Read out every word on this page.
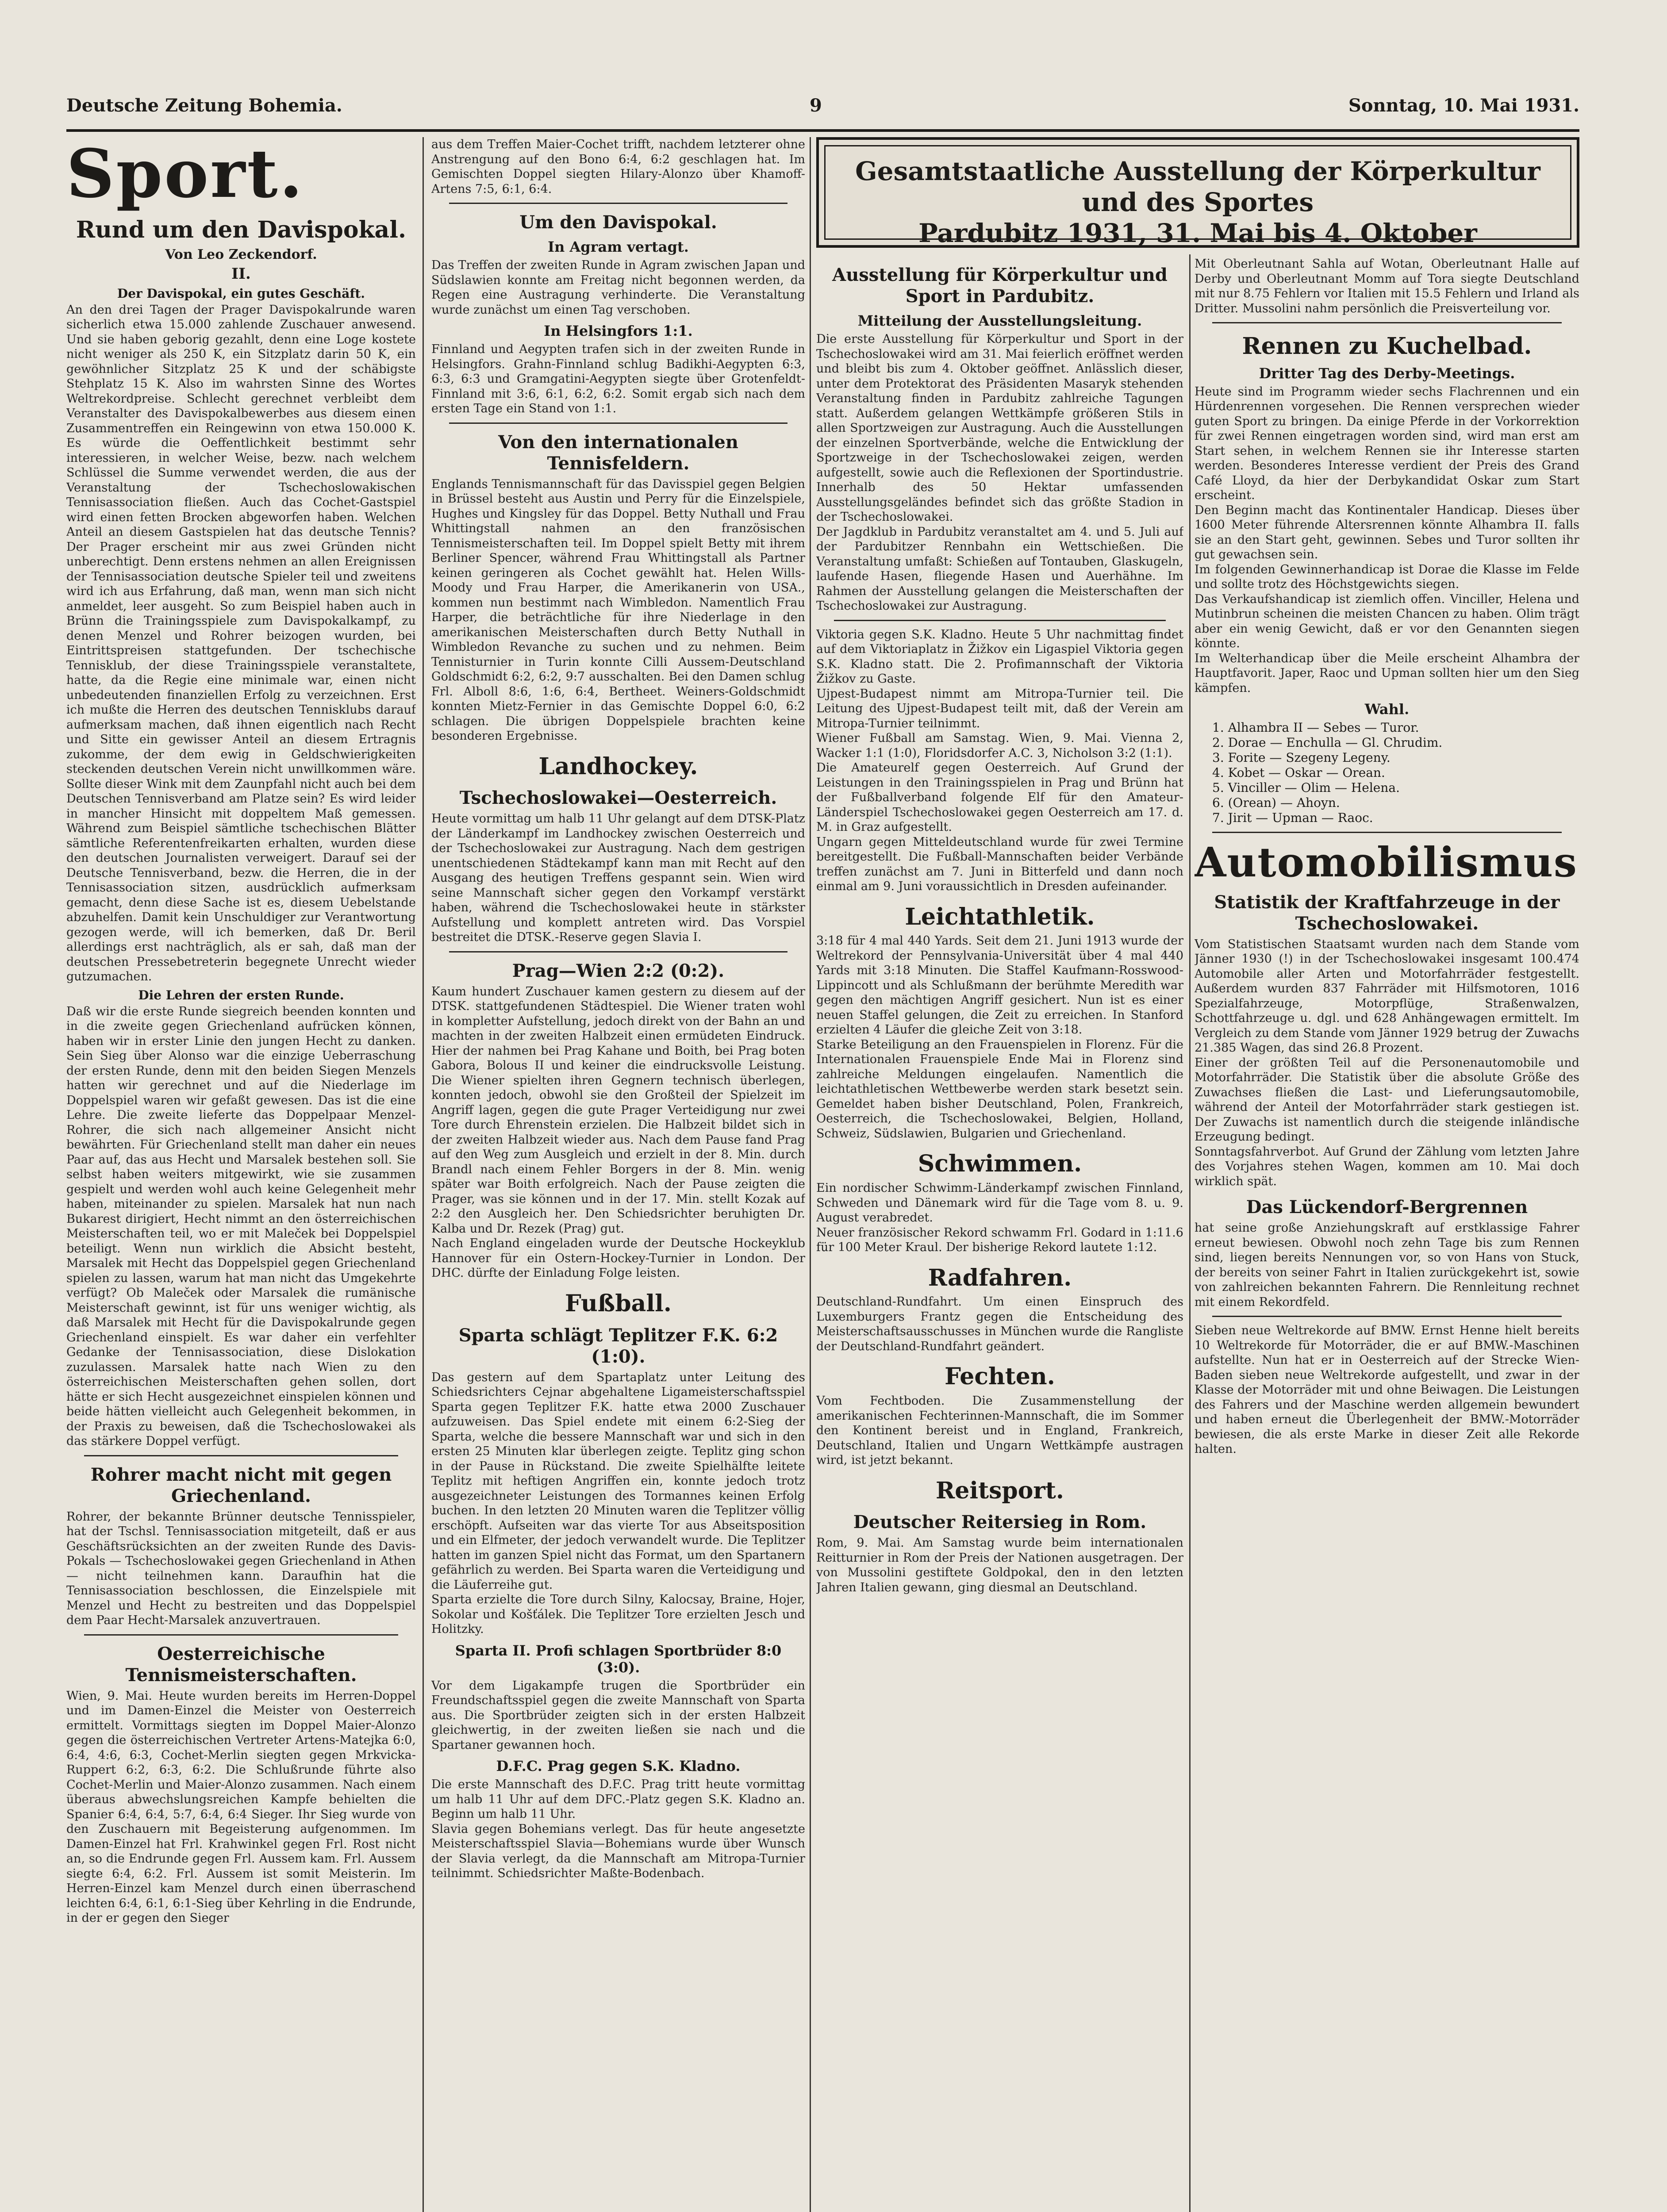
Deutsche Zeitung Bohemia.	9	Sonntag, 10. Mai 1931.
Sport.
Rund um den Davispokal.
Von Leo Zeckendorf.
II.
Der Davispokal, ein gutes Geschäft.

An den drei Tagen der Prager Davispokalrunde waren sicherlich etwa 15.000 zahlende Zuschauer anwesend. Und sie haben geborig gezahlt, denn eine Loge kostete nicht weniger als 250 K, ein Sitzplatz darin 50 K, ein gewöhnlicher Sitzplatz 25 K und der schäbigste Stehplatz 15 K. Also im wahrsten Sinne des Wortes Weltrekordpreise. Schlecht gerechnet verbleibt dem Veranstalter des Davispokalbewerbes aus diesem einen Zusammentreffen ein Reingewinn von etwa 150.000 K. Es würde die Oeffentlichkeit bestimmt sehr interessieren, in welcher Weise, bezw. nach welchem Schlüssel die Summe verwendet werden, die aus der Veranstaltung der Tschechoslowakischen Tennisassociation fließen. Auch das Cochet-Gastspiel wird einen fetten Brocken abgeworfen haben. Welchen Anteil an diesem Gastspielen hat das deutsche Tennis? Der Prager erscheint mir aus zwei Gründen nicht unberechtigt. Denn erstens nehmen an allen Ereignissen der Tennisassociation deutsche Spieler teil und zweitens wird ich aus Erfahrung, daß man, wenn man sich nicht anmeldet, leer ausgeht. So zum Beispiel haben auch in Brünn die Trainingsspiele zum Davispokalkampf, zu denen Menzel und Rohrer beizogen wurden, bei Eintrittspreisen stattgefunden. Der tschechische Tennisklub, der diese Trainingsspiele veranstaltete, hatte, da die Regie eine minimale war, einen nicht unbedeutenden finanziellen Erfolg zu verzeichnen. Erst ich mußte die Herren des deutschen Tennisklubs darauf aufmerksam machen, daß ihnen eigentlich nach Recht und Sitte ein gewisser Anteil an diesem Ertragnis zukomme, der dem ewig in Geldschwierigkeiten steckenden deutschen Verein nicht unwillkommen wäre. Sollte dieser Wink mit dem Zaunpfahl nicht auch bei dem Deutschen Tennisverband am Platze sein? Es wird leider in mancher Hinsicht mit doppeltem Maß gemessen. Während zum Beispiel sämtliche tschechischen Blätter sämtliche Referentenfreikarten erhalten, wurden diese den deutschen Journalisten verweigert. Darauf sei der Deutsche Tennisverband, bezw. die Herren, die in der Tennisassociation sitzen, ausdrücklich aufmerksam gemacht, denn diese Sache ist es, diesem Uebelstande abzuhelfen. Damit kein Unschuldiger zur Verantwortung gezogen werde, will ich bemerken, daß Dr. Beril allerdings erst nachträglich, als er sah, daß man der deutschen Pressebetreterin begegnete Unrecht wieder gutzumachen.

Die Lehren der ersten Runde.

Daß wir die erste Runde siegreich beenden konnten und in die zweite gegen Griechenland aufrücken können, haben wir in erster Linie den jungen Hecht zu danken. Sein Sieg über Alonso war die einzige Ueberraschung der ersten Runde, denn mit den beiden Siegen Menzels hatten wir gerechnet und auf die Niederlage im Doppelspiel waren wir gefaßt gewesen. Das ist die eine Lehre. Die zweite lieferte das Doppelpaar Menzel-Rohrer, die sich nach allgemeiner Ansicht nicht bewährten. Für Griechenland stellt man daher ein neues Paar auf, das aus Hecht und Marsalek bestehen soll. Sie selbst haben weiters mitgewirkt, wie sie zusammen gespielt und werden wohl auch keine Gelegenheit mehr haben, miteinander zu spielen. Marsalek hat nun nach Bukarest dirigiert, Hecht nimmt an den österreichischen Meisterschaften teil, wo er mit Maleček bei Doppelspiel beteiligt. Wenn nun wirklich die Absicht besteht, Marsalek mit Hecht das Doppelspiel gegen Griechenland spielen zu lassen, warum hat man nicht das Umgekehrte verfügt? Ob Maleček oder Marsalek die rumänische Meisterschaft gewinnt, ist für uns weniger wichtig, als daß Marsalek mit Hecht für die Davispokalrunde gegen Griechenland einspielt. Es war daher ein verfehlter Gedanke der Tennisassociation, diese Dislokation zuzulassen. Marsalek hatte nach Wien zu den österreichischen Meisterschaften gehen sollen, dort hätte er sich Hecht ausgezeichnet einspielen können und beide hätten vielleicht auch Gelegenheit bekommen, in der Praxis zu beweisen, daß die Tschechoslowakei als das stärkere Doppel verfügt.

Rohrer macht nicht mit gegen Griechenland.

Rohrer, der bekannte Brünner deutsche Tennisspieler, hat der Tschsl. Tennisassociation mitgeteilt, daß er aus Geschäftsrücksichten an der zweiten Runde des Davis-Pokals — Tschechoslowakei gegen Griechenland in Athen — nicht teilnehmen kann. Daraufhin hat die Tennisassociation beschlossen, die Einzelspiele mit Menzel und Hecht zu bestreiten und das Doppelspiel dem Paar Hecht-Marsalek anzuvertrauen.

Oesterreichische Tennismeisterschaften.

Wien, 9. Mai. Heute wurden bereits im Herren-Doppel und im Damen-Einzel die Meister von Oesterreich ermittelt. Vormittags siegten im Doppel Maier-Alonzo gegen die österreichischen Vertreter Artens-Matejka 6:0, 6:4, 4:6, 6:3, Cochet-Merlin siegten gegen Mrkvicka-Ruppert 6:2, 6:3, 6:2. Die Schlußrunde führte also Cochet-Merlin und Maier-Alonzo zusammen. Nach einem überaus abwechslungsreichen Kampfe behielten die Spanier 6:4, 6:4, 5:7, 6:4, 6:4 Sieger. Ihr Sieg wurde von den Zuschauern mit Begeisterung aufgenommen. Im Damen-Einzel hat Frl. Krahwinkel gegen Frl. Rost nicht an, so die Endrunde gegen Frl. Aussem kam. Frl. Aussem siegte 6:4, 6:2. Frl. Aussem ist somit Meisterin. Im Herren-Einzel kam Menzel durch einen überraschend leichten 6:4, 6:1, 6:1-Sieg über Kehrling in die Endrunde, in der er gegen den Sieger

aus dem Treffen Maier-Cochet trifft, nachdem letzterer ohne Anstrengung auf den Bono 6:4, 6:2 geschlagen hat. Im Gemischten Doppel siegten Hilary-Alonzo über Khamoff-Artens 7:5, 6:1, 6:4.

Um den Davispokal.
In Agram vertagt.

Das Treffen der zweiten Runde in Agram zwischen Japan und Südslawien konnte am Freitag nicht begonnen werden, da Regen eine Austragung verhinderte. Die Veranstaltung wurde zunächst um einen Tag verschoben.

In Helsingfors 1:1.

Finnland und Aegypten trafen sich in der zweiten Runde in Helsingfors. Grahn-Finnland schlug Badikhi-Aegypten 6:3, 6:3, 6:3 und Gramgatini-Aegypten siegte über Grotenfeldt-Finnland mit 3:6, 6:1, 6:2, 6:2. Somit ergab sich nach dem ersten Tage ein Stand von 1:1.

Von den internationalen Tennisfeldern.

Englands Tennismannschaft für das Davisspiel gegen Belgien in Brüssel besteht aus Austin und Perry für die Einzelspiele, Hughes und Kingsley für das Doppel. Betty Nuthall und Frau Whittingstall nahmen an den französischen Tennismeisterschaften teil. Im Doppel spielt Betty mit ihrem Berliner Spencer, während Frau Whittingstall als Partner keinen geringeren als Cochet gewählt hat. Helen Wills-Moody und Frau Harper, die Amerikanerin von USA., kommen nun bestimmt nach Wimbledon. Namentlich Frau Harper, die beträchtliche für ihre Niederlage in den amerikanischen Meisterschaften durch Betty Nuthall in Wimbledon Revanche zu suchen und zu nehmen. Beim Tennisturnier in Turin konnte Cilli Aussem-Deutschland Goldschmidt 6:2, 6:2, 9:7 ausschalten. Bei den Damen schlug Frl. Alboll 8:6, 1:6, 6:4, Bertheet. Weiners-Goldschmidt konnten Mietz-Fernier in das Gemischte Doppel 6:0, 6:2 schlagen. Die übrigen Doppelspiele brachten keine besonderen Ergebnisse.

Landhockey.
Tschechoslowakei—Oesterreich.

Heute vormittag um halb 11 Uhr gelangt auf dem DTSK-Platz der Länderkampf im Landhockey zwischen Oesterreich und der Tschechoslowakei zur Austragung. Nach dem gestrigen unentschiedenen Städtekampf kann man mit Recht auf den Ausgang des heutigen Treffens gespannt sein. Wien wird seine Mannschaft sicher gegen den Vorkampf verstärkt haben, während die Tschechoslowakei heute in stärkster Aufstellung und komplett antreten wird. Das Vorspiel bestreitet die DTSK.-Reserve gegen Slavia I.

Prag—Wien 2:2 (0:2).

Kaum hundert Zuschauer kamen gestern zu diesem auf der DTSK. stattgefundenen Städtespiel. Die Wiener traten wohl in kompletter Aufstellung, jedoch direkt von der Bahn an und machten in der zweiten Halbzeit einen ermüdeten Eindruck. Hier der nahmen bei Prag Kahane und Boith, bei Prag boten Gabora, Bolous II und keiner die eindrucksvolle Leistung. Die Wiener spielten ihren Gegnern technisch überlegen, konnten jedoch, obwohl sie den Großteil der Spielzeit im Angriff lagen, gegen die gute Prager Verteidigung nur zwei Tore durch Ehrenstein erzielen. Die Halbzeit bildet sich in der zweiten Halbzeit wieder aus. Nach dem Pause fand Prag auf den Weg zum Ausgleich und erzielt in der 8. Min. durch Brandl nach einem Fehler Borgers in der 8. Min. wenig später war Boith erfolgreich. Nach der Pause zeigten die Prager, was sie können und in der 17. Min. stellt Kozak auf 2:2 den Ausgleich her. Den Schiedsrichter beruhigten Dr. Kalba und Dr. Rezek (Prag) gut.

Nach England eingeladen wurde der Deutsche Hockeyklub Hannover für ein Ostern-Hockey-Turnier in London. Der DHC. dürfte der Einladung Folge leisten.

Fußball.
Sparta schlägt Teplitzer F.K. 6:2 (1:0).

Das gestern auf dem Spartaplatz unter Leitung des Schiedsrichters Cejnar abgehaltene Ligameisterschaftsspiel Sparta gegen Teplitzer F.K. hatte etwa 2000 Zuschauer aufzuweisen. Das Spiel endete mit einem 6:2-Sieg der Sparta, welche die bessere Mannschaft war und sich in den ersten 25 Minuten klar überlegen zeigte. Teplitz ging schon in der Pause in Rückstand. Die zweite Spielhälfte leitete Teplitz mit heftigen Angriffen ein, konnte jedoch trotz ausgezeichneter Leistungen des Tormannes keinen Erfolg buchen. In den letzten 20 Minuten waren die Teplitzer völlig erschöpft. Aufseiten war das vierte Tor aus Abseitsposition und ein Elfmeter, der jedoch verwandelt wurde. Die Teplitzer hatten im ganzen Spiel nicht das Format, um den Spartanern gefährlich zu werden. Bei Sparta waren die Verteidigung und die Läuferreihe gut.

Sparta erzielte die Tore durch Silny, Kalocsay, Braine, Hojer, Sokolar und Košťálek. Die Teplitzer Tore erzielten Jesch und Holitzky.

Sparta II. Profi schlagen Sportbrüder 8:0 (3:0).

Vor dem Ligakampfe trugen die Sportbrüder ein Freundschaftsspiel gegen die zweite Mannschaft von Sparta aus. Die Sportbrüder zeigten sich in der ersten Halbzeit gleichwertig, in der zweiten ließen sie nach und die Spartaner gewannen hoch.

D.F.C. Prag gegen S.K. Kladno.

Die erste Mannschaft des D.F.C. Prag tritt heute vormittag um halb 11 Uhr auf dem DFC.-Platz gegen S.K. Kladno an. Beginn um halb 11 Uhr.

Slavia gegen Bohemians verlegt. Das für heute angesetzte Meisterschaftsspiel Slavia—Bohemians wurde über Wunsch der Slavia verlegt, da die Mannschaft am Mitropa-Turnier teilnimmt. Schiedsrichter Maßte-Bodenbach.

Gesamtstaatliche Ausstellung der Körperkultur
und des Sportes
Pardubitz 1931, 31. Mai bis 4. Oktober
Ausstellung für Körperkultur und Sport in Pardubitz.
Mitteilung der Ausstellungsleitung.

Die erste Ausstellung für Körperkultur und Sport in der Tschechoslowakei wird am 31. Mai feierlich eröffnet werden und bleibt bis zum 4. Oktober geöffnet. Anlässlich dieser, unter dem Protektorat des Präsidenten Masaryk stehenden Veranstaltung finden in Pardubitz zahlreiche Tagungen statt. Außerdem gelangen Wettkämpfe größeren Stils in allen Sportzweigen zur Austragung. Auch die Ausstellungen der einzelnen Sportverbände, welche die Entwicklung der Sportzweige in der Tschechoslowakei zeigen, werden aufgestellt, sowie auch die Reflexionen der Sportindustrie. Innerhalb des 50 Hektar umfassenden Ausstellungsgeländes befindet sich das größte Stadion in der Tschechoslowakei.

Der Jagdklub in Pardubitz veranstaltet am 4. und 5. Juli auf der Pardubitzer Rennbahn ein Wettschießen. Die Veranstaltung umfaßt: Schießen auf Tontauben, Glaskugeln, laufende Hasen, fliegende Hasen und Auerhähne. Im Rahmen der Ausstellung gelangen die Meisterschaften der Tschechoslowakei zur Austragung.

Viktoria gegen S.K. Kladno. Heute 5 Uhr nachmittag findet auf dem Viktoriaplatz in Žižkov ein Ligaspiel Viktoria gegen S.K. Kladno statt. Die 2. Profimannschaft der Viktoria Žižkov zu Gaste.

Ujpest-Budapest nimmt am Mitropa-Turnier teil. Die Leitung des Ujpest-Budapest teilt mit, daß der Verein am Mitropa-Turnier teilnimmt.

Wiener Fußball am Samstag. Wien, 9. Mai. Vienna 2, Wacker 1:1 (1:0), Floridsdorfer A.C. 3, Nicholson 3:2 (1:1).

Die Amateurelf gegen Oesterreich. Auf Grund der Leistungen in den Trainingsspielen in Prag und Brünn hat der Fußballverband folgende Elf für den Amateur-Länderspiel Tschechoslowakei gegen Oesterreich am 17. d. M. in Graz aufgestellt.

Ungarn gegen Mitteldeutschland wurde für zwei Termine bereitgestellt. Die Fußball-Mannschaften beider Verbände treffen zunächst am 7. Juni in Bitterfeld und dann noch einmal am 9. Juni voraussichtlich in Dresden aufeinander.

Leichtathletik.

3:18 für 4 mal 440 Yards. Seit dem 21. Juni 1913 wurde der Weltrekord der Pennsylvania-Universität über 4 mal 440 Yards mit 3:18 Minuten. Die Staffel Kaufmann-Rosswood-Lippincott und als Schlußmann der berühmte Meredith war gegen den mächtigen Angriff gesichert. Nun ist es einer neuen Staffel gelungen, die Zeit zu erreichen. In Stanford erzielten 4 Läufer die gleiche Zeit von 3:18.

Starke Beteiligung an den Frauenspielen in Florenz. Für die Internationalen Frauenspiele Ende Mai in Florenz sind zahlreiche Meldungen eingelaufen. Namentlich die leichtathletischen Wettbewerbe werden stark besetzt sein. Gemeldet haben bisher Deutschland, Polen, Frankreich, Oesterreich, die Tschechoslowakei, Belgien, Holland, Schweiz, Südslawien, Bulgarien und Griechenland.

Schwimmen.

Ein nordischer Schwimm-Länderkampf zwischen Finnland, Schweden und Dänemark wird für die Tage vom 8. u. 9. August verabredet.

Neuer französischer Rekord schwamm Frl. Godard in 1:11.6 für 100 Meter Kraul. Der bisherige Rekord lautete 1:12.

Radfahren.

Deutschland-Rundfahrt. Um einen Einspruch des Luxemburgers Frantz gegen die Entscheidung des Meisterschaftsausschusses in München wurde die Rangliste der Deutschland-Rundfahrt geändert.

Fechten.

Vom Fechtboden. Die Zusammenstellung der amerikanischen Fechterinnen-Mannschaft, die im Sommer den Kontinent bereist und in England, Frankreich, Deutschland, Italien und Ungarn Wettkämpfe austragen wird, ist jetzt bekannt.

Reitsport.
Deutscher Reitersieg in Rom.

Rom, 9. Mai. Am Samstag wurde beim internationalen Reitturnier in Rom der Preis der Nationen ausgetragen. Der von Mussolini gestiftete Goldpokal, den in den letzten Jahren Italien gewann, ging diesmal an Deutschland.

Mit Oberleutnant Sahla auf Wotan, Oberleutnant Halle auf Derby und Oberleutnant Momm auf Tora siegte Deutschland mit nur 8.75 Fehlern vor Italien mit 15.5 Fehlern und Irland als Dritter. Mussolini nahm persönlich die Preisverteilung vor.

Rennen zu Kuchelbad.
Dritter Tag des Derby-Meetings.

Heute sind im Programm wieder sechs Flachrennen und ein Hürdenrennen vorgesehen. Die Rennen versprechen wieder guten Sport zu bringen. Da einige Pferde in der Vorkorrektion für zwei Rennen eingetragen worden sind, wird man erst am Start sehen, in welchem Rennen sie ihr Interesse starten werden. Besonderes Interesse verdient der Preis des Grand Café Lloyd, da hier der Derbykandidat Oskar zum Start erscheint.

Den Beginn macht das Kontinentaler Handicap. Dieses über 1600 Meter führende Altersrennen könnte Alhambra II. falls sie an den Start geht, gewinnen. Sebes und Turor sollten ihr gut gewachsen sein.

Im folgenden Gewinnerhandicap ist Dorae die Klasse im Felde und sollte trotz des Höchstgewichts siegen.

Das Verkaufshandicap ist ziemlich offen. Vinciller, Helena und Mutinbrun scheinen die meisten Chancen zu haben. Olim trägt aber ein wenig Gewicht, daß er vor den Genannten siegen könnte.

Im Welterhandicap über die Meile erscheint Alhambra der Hauptfavorit. Japer, Raoc und Upman sollten hier um den Sieg kämpfen.

Wahl.
1. Alhambra II — Sebes — Turor.
2. Dorae — Enchulla — Gl. Chrudim.
3. Forite — Szegeny Legeny.
4. Kobet — Oskar — Orean.
5. Vinciller — Olim — Helena.
6. (Orean) — Ahoyn.
7. Jirit — Upman — Raoc.
Automobilismus
Statistik der Kraftfahrzeuge in der Tschechoslowakei.

Vom Statistischen Staatsamt wurden nach dem Stande vom Jänner 1930 (!) in der Tschechoslowakei insgesamt 100.474 Automobile aller Arten und Motorfahrräder festgestellt. Außerdem wurden 837 Fahrräder mit Hilfsmotoren, 1016 Spezialfahrzeuge, Motorpflüge, Straßenwalzen, Schottfahrzeuge u. dgl. und 628 Anhängewagen ermittelt. Im Vergleich zu dem Stande vom Jänner 1929 betrug der Zuwachs 21.385 Wagen, das sind 26.8 Prozent.

Einer der größten Teil auf die Personenautomobile und Motorfahrräder. Die Statistik über die absolute Größe des Zuwachses fließen die Last- und Lieferungsautomobile, während der Anteil der Motorfahrräder stark gestiegen ist. Der Zuwachs ist namentlich durch die steigende inländische Erzeugung bedingt.

Sonntagsfahrverbot. Auf Grund der Zählung vom letzten Jahre des Vorjahres stehen Wagen, kommen am 10. Mai doch wirklich spät.

Das Lückendorf-Bergrennen

hat seine große Anziehungskraft auf erstklassige Fahrer erneut bewiesen. Obwohl noch zehn Tage bis zum Rennen sind, liegen bereits Nennungen vor, so von Hans von Stuck, der bereits von seiner Fahrt in Italien zurückgekehrt ist, sowie von zahlreichen bekannten Fahrern. Die Rennleitung rechnet mit einem Rekordfeld.

Sieben neue Weltrekorde auf BMW. Ernst Henne hielt bereits 10 Weltrekorde für Motorräder, die er auf BMW.-Maschinen aufstellte. Nun hat er in Oesterreich auf der Strecke Wien-Baden sieben neue Weltrekorde aufgestellt, und zwar in der Klasse der Motorräder mit und ohne Beiwagen. Die Leistungen des Fahrers und der Maschine werden allgemein bewundert und haben erneut die Überlegenheit der BMW.-Motorräder bewiesen, die als erste Marke in dieser Zeit alle Rekorde halten.
